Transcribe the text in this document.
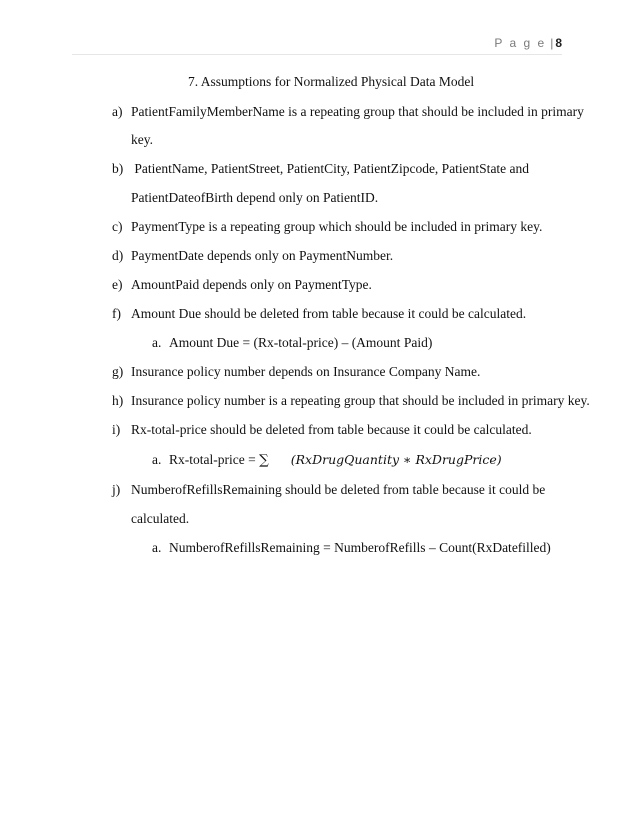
P a g e | 8
7. Assumptions for Normalized Physical Data Model
a) PatientFamilyMemberName is a repeating group that should be included in primary
key.
b) PatientName, PatientStreet, PatientCity, PatientZipcode, PatientState and
PatientDateofBirth depend only on PatientID.
c) PaymentType is a repeating group which should be included in primary key.
d) PaymentDate depends only on PaymentNumber.
e) AmountPaid depends only on PaymentType.
f) Amount Due should be deleted from table because it could be calculated.
a. Amount Due = (Rx-total-price) – (Amount Paid)
g) Insurance policy number depends on Insurance Company Name.
h) Insurance policy number is a repeating group that should be included in primary key.
i) Rx-total-price should be deleted from table because it could be calculated.
a. Rx-total-price = ∑ (RxDrugQuantity ∗ RxDrugPrice)
j) NumberofRefillsRemaining should be deleted from table because it could be
calculated.
a. NumberofRefillsRemaining = NumberofRefills – Count(RxDatefilled)
